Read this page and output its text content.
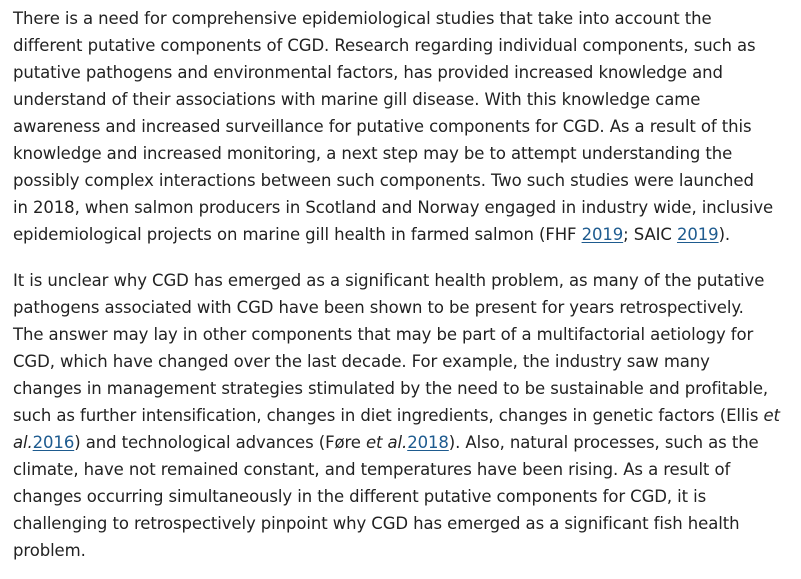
There is a need for comprehensive epidemiological studies that take into account the
different putative components of CGD. Research regarding individual components, such as
putative pathogens and environmental factors, has provided increased knowledge and
understand of their associations with marine gill disease. With this knowledge came
awareness and increased surveillance for putative components for CGD. As a result of this
knowledge and increased monitoring, a next step may be to attempt understanding the
possibly complex interactions between such components. Two such studies were launched
in 2018, when salmon producers in Scotland and Norway engaged in industry wide, inclusive
epidemiological projects on marine gill health in farmed salmon (FHF 2019; SAIC 2019).

It is unclear why CGD has emerged as a significant health problem, as many of the putative
pathogens associated with CGD have been shown to be present for years retrospectively.
The answer may lay in other components that may be part of a multifactorial aetiology for
CGD, which have changed over the last decade. For example, the industry saw many
changes in management strategies stimulated by the need to be sustainable and profitable,
such as further intensification, changes in diet ingredients, changes in genetic factors (Ellis et
al.2016) and technological advances (Føre et al.2018). Also, natural processes, such as the
climate, have not remained constant, and temperatures have been rising. As a result of
changes occurring simultaneously in the different putative components for CGD, it is
challenging to retrospectively pinpoint why CGD has emerged as a significant fish health
problem.
